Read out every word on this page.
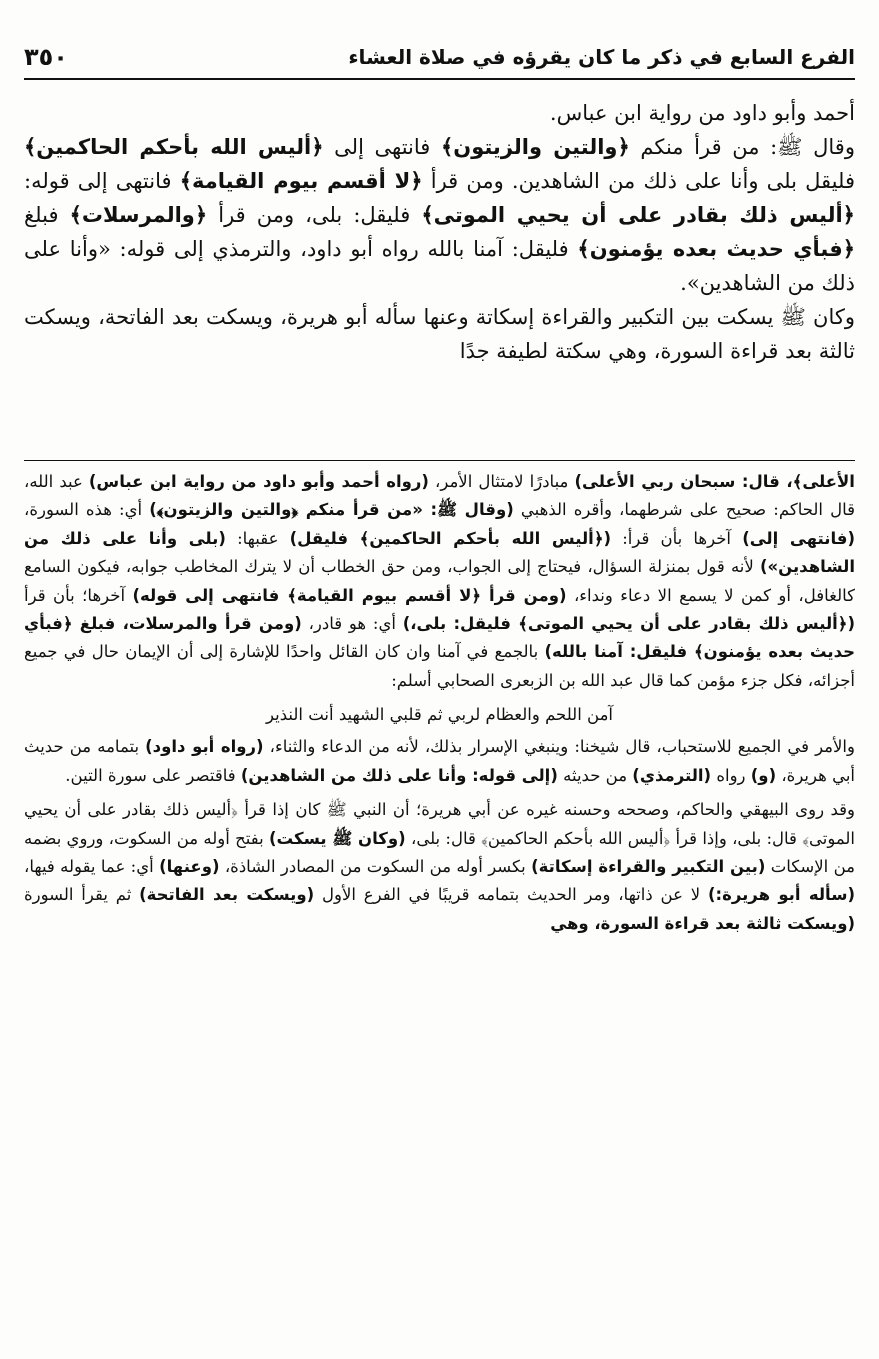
الفرع السابع في ذكر ما كان يقرؤه في صلاة العشاء
٣٥٠

أحمد وأبو داود من رواية ابن عباس.

وقال ﷺ: من قرأ منكم ﴿والتين والزيتون﴾ فانتهى إلى ﴿أليس الله بأحكم الحاكمين﴾ فليقل بلى وأنا على ذلك من الشاهدين. ومن قرأ ﴿لا أقسم بيوم القيامة﴾ فانتهى إلى قوله: ﴿أليس ذلك بقادر على أن يحيي الموتى﴾ فليقل: بلى، ومن قرأ ﴿والمرسلات﴾ فبلغ ﴿فبأي حديث بعده يؤمنون﴾ فليقل: آمنا بالله رواه أبو داود، والترمذي إلى قوله: «وأنا على ذلك من الشاهدين».

وكان ﷺ يسكت بين التكبير والقراءة إسكاتة وعنها سأله أبو هريرة، ويسكت بعد الفاتحة، ويسكت ثالثة بعد قراءة السورة، وهي سكتة لطيفة جدًا

الأعلى﴾، قال: سبحان ربي الأعلى) مبادرًا لامتثال الأمر، (رواه أحمد وأبو داود من رواية ابن عباس) عبد الله، قال الحاكم: صحيح على شرطهما، وأقره الذهبي (وقال ﷺ: «من قرأ منكم ﴿والتين والزيتون﴾) أي: هذه السورة، (فانتهى إلى) آخرها بأن قرأ: (﴿أليس الله بأحكم الحاكمين﴾ فليقل) عقبها: (بلى وأنا على ذلك من الشاهدين») لأنه قول بمنزلة السؤال، فيحتاج إلى الجواب، ومن حق الخطاب أن لا يترك المخاطب جوابه، فيكون السامع كالغافل، أو كمن لا يسمع الا دعاء ونداء، (ومن قرأ ﴿لا أقسم بيوم القيامة﴾ فانتهى إلى قوله) آخرها؛ بأن قرأ (﴿أليس ذلك بقادر على أن يحيي الموتى﴾ فليقل: بلى،) أي: هو قادر، (ومن قرأ والمرسلات، فبلغ ﴿فبأي حديث بعده يؤمنون﴾ فليقل: آمنا بالله) بالجمع في آمنا وان كان القائل واحدًا للإشارة إلى أن الإيمان حال في جميع أجزائه، فكل جزء مؤمن كما قال عبد الله بن الزبعرى الصحابي أسلم:

آمن اللحم والعظام لربي ثم قلبي الشهيد أنت النذير

والأمر في الجميع للاستحباب، قال شيخنا: وينبغي الإسرار بذلك، لأنه من الدعاء والثناء، (رواه أبو داود) بتمامه من حديث أبي هريرة، (و) رواه (الترمذي) من حديثه (إلى قوله: وأنا على ذلك من الشاهدين) فاقتصر على سورة التين.

وقد روى البيهقي والحاكم، وصححه وحسنه غيره عن أبي هريرة؛ أن النبي ﷺ كان إذا قرأ ﴿أليس ذلك بقادر على أن يحيي الموتى﴾ قال: بلى، وإذا قرأ ﴿أليس الله بأحكم الحاكمين﴾ قال: بلى، (وكان ﷺ يسكت) بفتح أوله من السكوت، وروي بضمه من الإسكات (بين التكبير والقراءة إسكاتة) بكسر أوله من السكوت من المصادر الشاذة، (وعنها) أي: عما يقوله فيها، (سأله أبو هريرة:) لا عن ذاتها، ومر الحديث بتمامه قريبًا في الفرع الأول (ويسكت بعد الفاتحة) ثم يقرأ السورة (ويسكت ثالثة بعد قراءة السورة، وهي
